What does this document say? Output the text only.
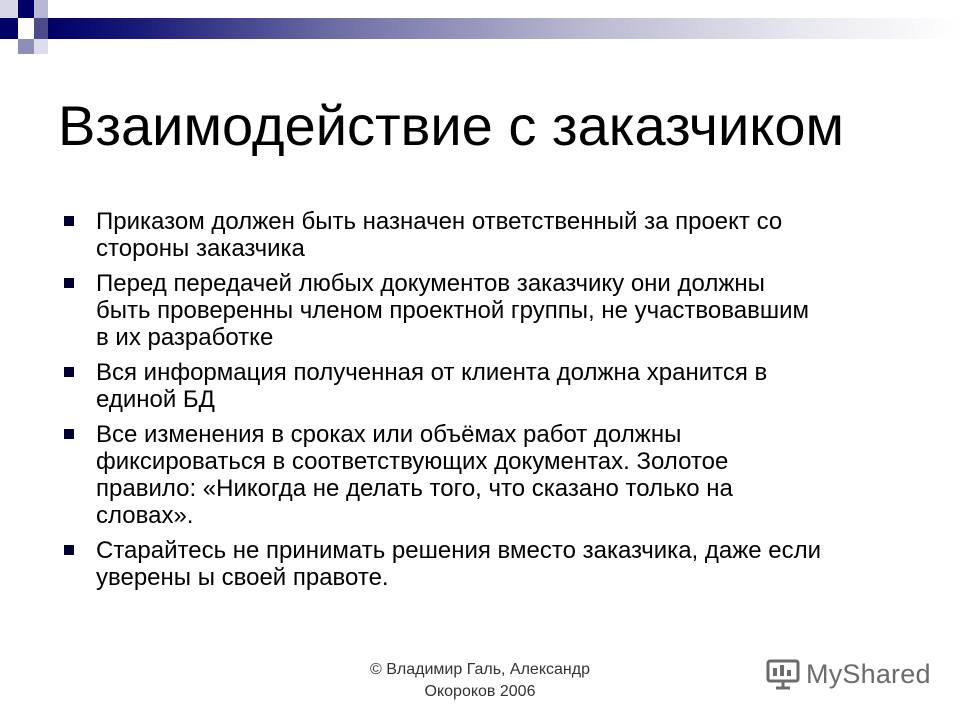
Взаимодействие с заказчиком
Приказом должен быть назначен ответственный за проект со
стороны заказчика
Перед передачей любых документов заказчику они должны
быть проверенны членом проектной группы, не участвовавшим
в их разработке
Вся информация полученная от клиента должна хранится в
единой БД
Все изменения в сроках или объёмах работ должны
фиксироваться в соответствующих документах. Золотое
правило: «Никогда не делать того, что сказано только на
словах».
Старайтесь не принимать решения вместо заказчика, даже если
уверены ы своей правоте.
© Владимир Галь, Александр
Окороков 2006
MyShared
